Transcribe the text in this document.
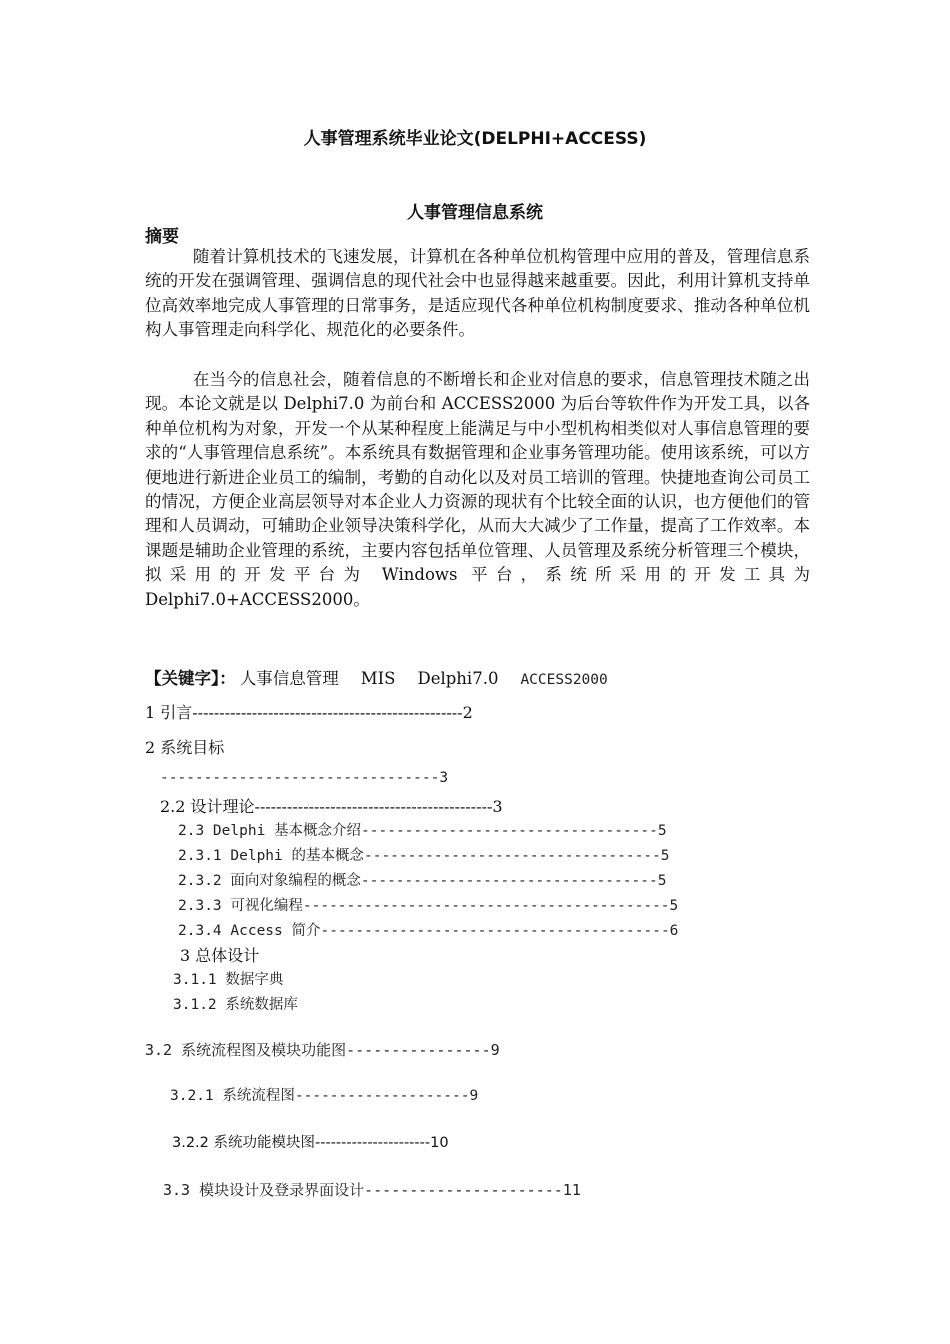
人事管理系统毕业论文(DELPHI+ACCESS)
人事管理信息系统
摘要
随着计算机技术的飞速发展，计算机在各种单位机构管理中应用的普及，管理信息系统的开发在强调管理、强调信息的现代社会中也显得越来越重要。因此，利用计算机支持单位高效率地完成人事管理的日常事务，是适应现代各种单位机构制度要求、推动各种单位机构人事管理走向科学化、规范化的必要条件。
在当今的信息社会，随着信息的不断增长和企业对信息的要求，信息管理技术随之出现。本论文就是以 Delphi7.0 为前台和 ACCESS2000 为后台等软件作为开发工具，以各种单位机构为对象，开发一个从某种程度上能满足与中小型机构相类似对人事信息管理的要求的“人事管理信息系统”。本系统具有数据管理和企业事务管理功能。使用该系统，可以方便地进行新进企业员工的编制，考勤的自动化以及对员工培训的管理。快捷地查询公司员工的情况，方便企业高层领导对本企业人力资源的现状有个比较全面的认识，也方便他们的管理和人员调动，可辅助企业领导决策科学化，从而大大减少了工作量，提高了工作效率。本课题是辅助企业管理的系统，主要内容包括单位管理、人员管理及系统分析管理三个模块，拟采用的开发平台为 Windows 平台，系统所采用的开发工具为 Delphi7.0+ACCESS2000。
【关键字】： 人事信息管理 MIS Delphi7.0 ACCESS2000
1 引言--------------------------------------------------2
2 系统目标
--------------------------------3
2.2 设计理论--------------------------------------------3
2.3 Delphi 基本概念介绍----------------------------------5
2.3.1 Delphi 的基本概念----------------------------------5
2.3.2 面向对象编程的概念----------------------------------5
2.3.3 可视化编程------------------------------------------5
2.3.4 Access 简介----------------------------------------6
3 总体设计
3.1.1 数据字典
3.1.2 系统数据库
3.2 系统流程图及模块功能图----------------9
3.2.1 系统流程图--------------------9
3.2.2 系统功能模块图----------------------10
3.3 模块设计及登录界面设计----------------------11
